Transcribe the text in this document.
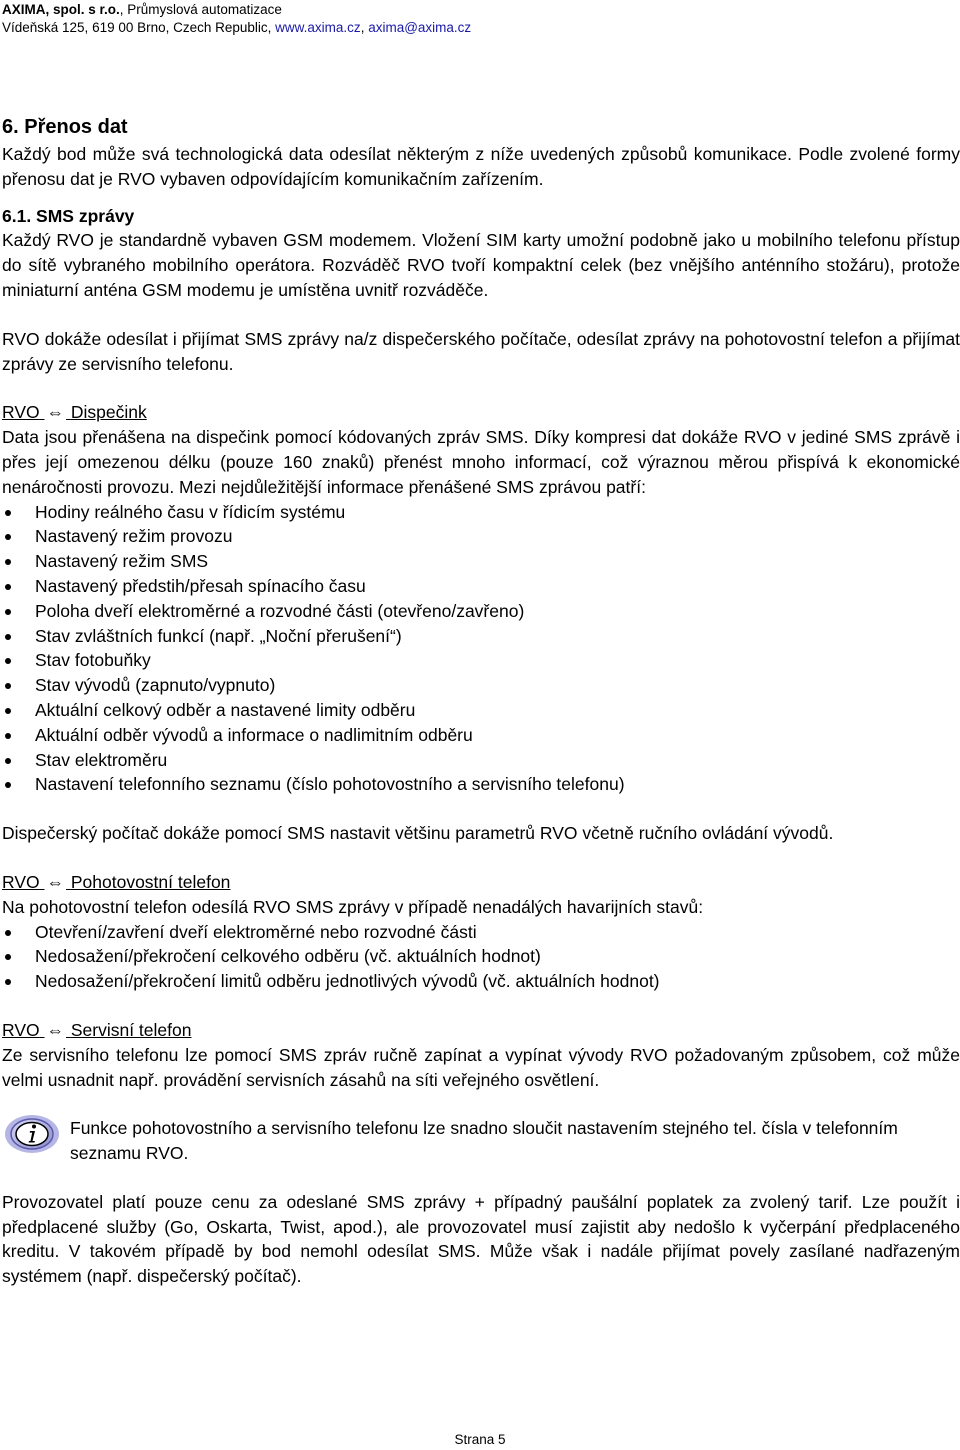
AXIMA, spol. s r.o., Průmyslová automatizace
Vídeňská 125, 619 00 Brno, Czech Republic, www.axima.cz, axima@axima.cz
6. Přenos dat

Každý bod může svá technologická data odesílat některým z níže uvedených způsobů komunikace. Podle zvolené formy přenosu dat je RVO vybaven odpovídajícím komunikačním zařízením.

6.1. SMS zprávy

Každý RVO je standardně vybaven GSM modemem. Vložení SIM karty umožní podobně jako u mobilního telefonu přístup do sítě vybraného mobilního operátora. Rozváděč RVO tvoří kompaktní celek (bez vnějšího anténního stožáru), protože miniaturní anténa GSM modemu je umístěna uvnitř rozváděče.

RVO dokáže odesílat i přijímat SMS zprávy na/z dispečerského počítače, odesílat zprávy na pohotovostní telefon a přijímat zprávy ze servisního telefonu.

RVO ⇔ Dispečink

Data jsou přenášena na dispečink pomocí kódovaných zpráv SMS. Díky kompresi dat dokáže RVO v jediné SMS zprávě i přes její omezenou délku (pouze 160 znaků) přenést mnoho informací, což výraznou měrou přispívá k ekonomické nenáročnosti provozu. Mezi nejdůležitější informace přenášené SMS zprávou patří:

Hodiny reálného času v řídicím systému
Nastavený režim provozu
Nastavený režim SMS
Nastavený předstih/přesah spínacího času
Poloha dveří elektroměrné a rozvodné části (otevřeno/zavřeno)
Stav zvláštních funkcí (např. „Noční přerušení“)
Stav fotobuňky
Stav vývodů (zapnuto/vypnuto)
Aktuální celkový odběr a nastavené limity odběru
Aktuální odběr vývodů a informace o nadlimitním odběru
Stav elektroměru
Nastavení telefonního seznamu (číslo pohotovostního a servisního telefonu)

Dispečerský počítač dokáže pomocí SMS nastavit většinu parametrů RVO včetně ručního ovládání vývodů.

RVO ⇔ Pohotovostní telefon

Na pohotovostní telefon odesílá RVO SMS zprávy v případě nenadálých havarijních stavů:

Otevření/zavření dveří elektroměrné nebo rozvodné části
Nedosažení/překročení celkového odběru (vč. aktuálních hodnot)
Nedosažení/překročení limitů odběru jednotlivých vývodů (vč. aktuálních hodnot)
RVO ⇔ Servisní telefon

Ze servisního telefonu lze pomocí SMS zpráv ručně zapínat a vypínat vývody RVO požadovaným způsobem, což může velmi usnadnit např. provádění servisních zásahů na síti veřejného osvětlení.

Funkce pohotovostního a servisního telefonu lze snadno sloučit nastavením stejného tel. čísla v telefonním seznamu RVO.

Provozovatel platí pouze cenu za odeslané SMS zprávy + případný paušální poplatek za zvolený tarif. Lze použít i předplacené služby (Go, Oskarta, Twist, apod.), ale provozovatel musí zajistit aby nedošlo k vyčerpání předplaceného kreditu. V takovém případě by bod nemohl odesílat SMS. Může však i nadále přijímat povely zasílané nadřazeným systémem (např. dispečerský počítač).

Strana 5
